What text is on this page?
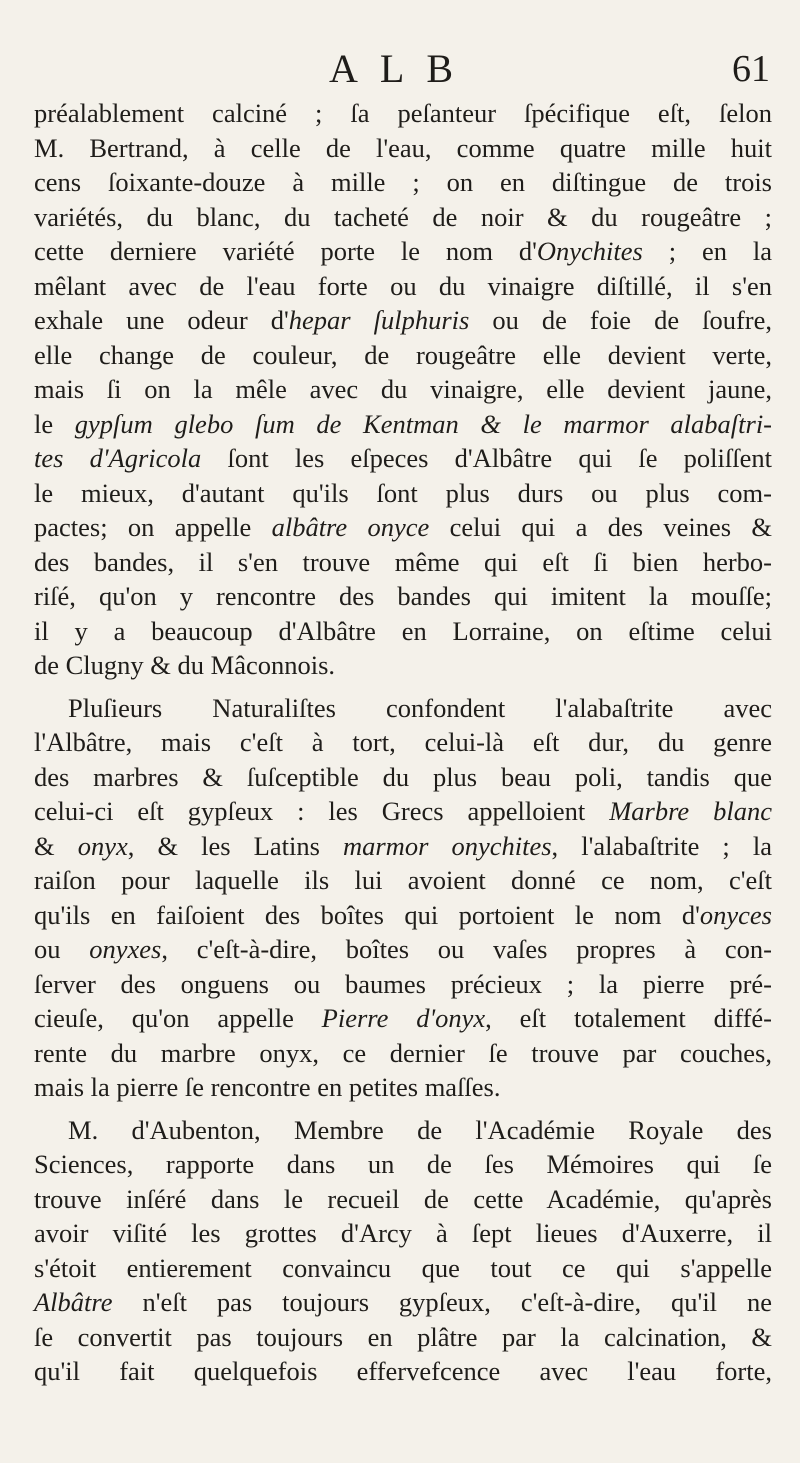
ALB	61
préalablement calciné ; ſa peſanteur ſpécifique eſt, ſelon
M. Bertrand, à celle de l'eau, comme quatre mille huit
cens ſoixante-douze à mille ; on en diſtingue de trois
variétés, du blanc, du tacheté de noir & du rougeâtre ;
cette derniere variété porte le nom d'Onychites ; en la
mêlant avec de l'eau forte ou du vinaigre diſtillé, il s'en
exhale une odeur d'hepar ſulphuris ou de foie de ſoufre,
elle change de couleur, de rougeâtre elle devient verte,
mais ſi on la mêle avec du vinaigre, elle devient jaune,
le gypſum glebo ſum de Kentman & le marmor alabaſtri-
tes d'Agricola ſont les eſpeces d'Albâtre qui ſe poliſſent
le mieux, d'autant qu'ils ſont plus durs ou plus com-
pactes; on appelle albâtre onyce celui qui a des veines &
des bandes, il s'en trouve même qui eſt ſi bien herbo-
riſé, qu'on y rencontre des bandes qui imitent la mouſſe;
il y a beaucoup d'Albâtre en Lorraine, on eſtime celui
de Clugny & du Mâconnois.
Pluſieurs Naturaliſtes confondent l'alabaſtrite avec
l'Albâtre, mais c'eſt à tort, celui-là eſt dur, du genre
des marbres & ſuſceptible du plus beau poli, tandis que
celui-ci eſt gypſeux : les Grecs appelloient Marbre blanc
& onyx, & les Latins marmor onychites, l'alabaſtrite ; la
raiſon pour laquelle ils lui avoient donné ce nom, c'eſt
qu'ils en faiſoient des boîtes qui portoient le nom d'onyces
ou onyxes, c'eſt-à-dire, boîtes ou vaſes propres à con-
ſerver des onguens ou baumes précieux ; la pierre pré-
cieuſe, qu'on appelle Pierre d'onyx, eſt totalement diffé-
rente du marbre onyx, ce dernier ſe trouve par couches,
mais la pierre ſe rencontre en petites maſſes.
M. d'Aubenton, Membre de l'Académie Royale des
Sciences, rapporte dans un de ſes Mémoires qui ſe
trouve inſéré dans le recueil de cette Académie, qu'après
avoir viſité les grottes d'Arcy à ſept lieues d'Auxerre, il
s'étoit entierement convaincu que tout ce qui s'appelle
Albâtre n'eſt pas toujours gypſeux, c'eſt-à-dire, qu'il ne
ſe convertit pas toujours en plâtre par la calcination, &
qu'il fait quelquefois effervefcence avec l'eau forte,
